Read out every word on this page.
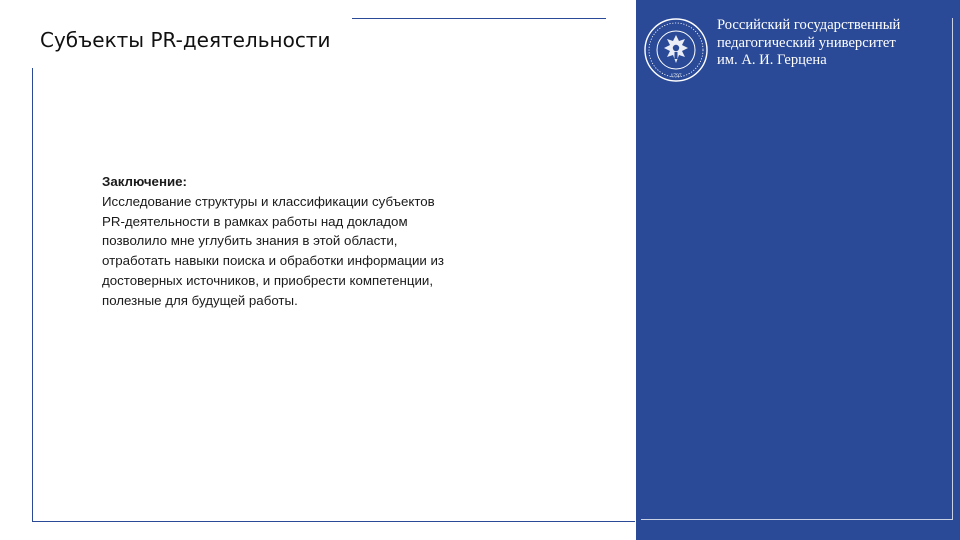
Субъекты PR-деятельности
Заключение:
Исследование структуры и классификации субъектов
PR-деятельности в рамках работы над докладом
позволило мне углубить знания в этой области,
отработать навыки поиска и обработки информации из
достоверных источников, и приобрести компетенции,
полезные для будущей работы.
1797
Российский государственный
педагогический университет
им. А. И. Герцена
